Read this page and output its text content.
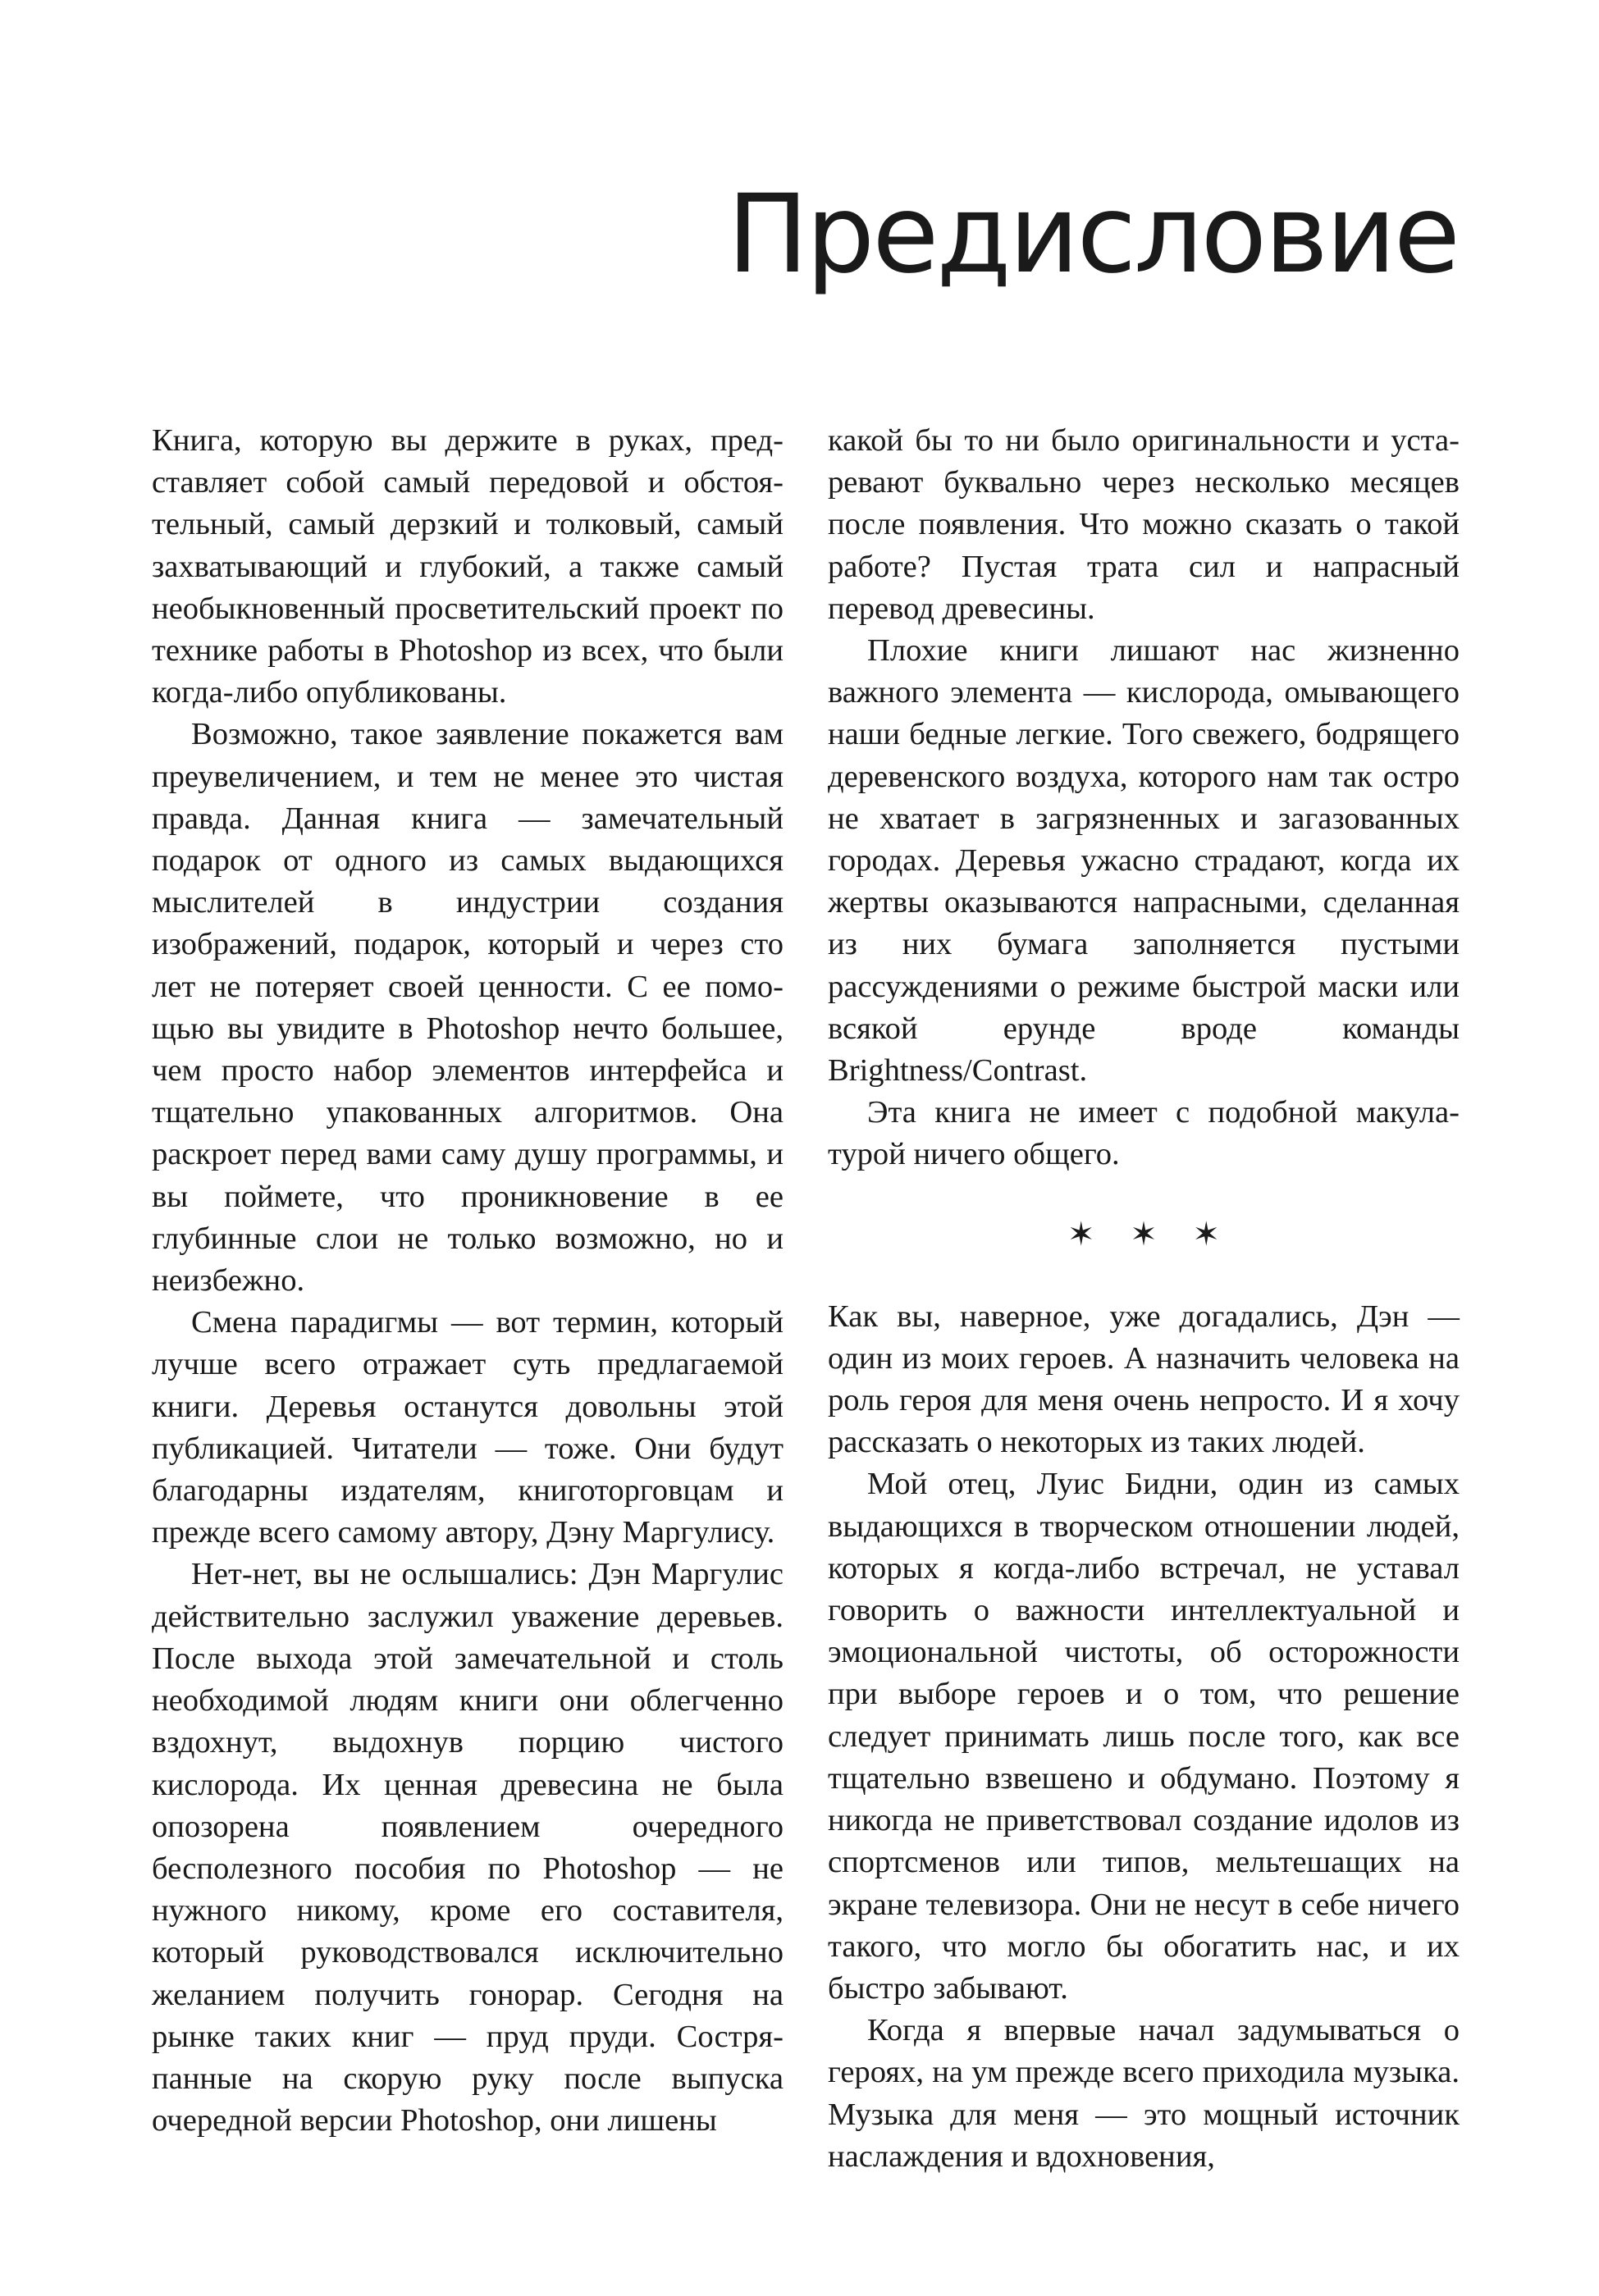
Предисловие

Книга, которую вы держите в руках, представляет собой самый передовой и обстоятельный, самый дерзкий и толковый, самый захватывающий и глубокий, а также самый необыкновенный просветительский проект по технике работы в Photoshop из всех, что были когда-либо опубликованы.

Возможно, такое заявление покажется вам преувеличением, и тем не менее это чистая правда. Данная книга — замечательный подарок от одного из самых выдающихся мыслителей в индустрии создания изображений, подарок, который и через сто лет не потеряет своей ценности. С ее помощью вы увидите в Photoshop нечто большее, чем просто набор элементов интерфейса и тщательно упакованных алгоритмов. Она раскроет перед вами саму душу программы, и вы поймете, что проникновение в ее глубинные слои не только возможно, но и неизбежно.

Смена парадигмы — вот термин, который лучше всего отражает суть предлагаемой книги. Деревья останутся довольны этой публикацией. Читатели — тоже. Они будут благодарны издателям, книготорговцам и прежде всего самому автору, Дэну Маргулису.

Нет-нет, вы не ослышались: Дэн Маргулис действительно заслужил уважение деревьев. После выхода этой замечательной и столь необходимой людям книги они облегченно вздохнут, выдохнув порцию чистого кислорода. Их ценная древесина не была опозорена появлением очередного бесполезного пособия по Photoshop — не нужного никому, кроме его составителя, который руководствовался исключительно желанием получить гонорар. Сегодня на рынке таких книг — пруд пруди. Состряпанные на скорую руку после выпуска очередной версии Photoshop, они лишены

какой бы то ни было оригинальности и устаревают буквально через несколько месяцев после появления. Что можно сказать о такой работе? Пустая трата сил и напрасный перевод древесины.

Плохие книги лишают нас жизненно важного элемента — кислорода, омывающего наши бедные легкие. Того свежего, бодрящего деревенского воздуха, которого нам так остро не хватает в загрязненных и загазованных городах. Деревья ужасно страдают, когда их жертвы оказываются напрасными, сделанная из них бумага заполняется пустыми рассуждениями о режиме быстрой маски или всякой ерунде вроде команды Brightness/Contrast.

Эта книга не имеет с подобной макулатурой ничего общего.

✶ ✶ ✶

Как вы, наверное, уже догадались, Дэн — один из моих героев. А назначить человека на роль героя для меня очень непросто. И я хочу рассказать о некоторых из таких людей.

Мой отец, Луис Бидни, один из самых выдающихся в творческом отношении людей, которых я когда-либо встречал, не уставал говорить о важности интеллектуальной и эмоциональной чистоты, об осторожности при выборе героев и о том, что решение следует принимать лишь после того, как все тщательно взвешено и обдумано. Поэтому я никогда не приветствовал создание идолов из спортсменов или типов, мельтешащих на экране телевизора. Они не несут в себе ничего такого, что могло бы обогатить нас, и их быстро забывают.

Когда я впервые начал задумываться о героях, на ум прежде всего приходила музыка. Музыка для меня — это мощный источник наслаждения и вдохновения,
